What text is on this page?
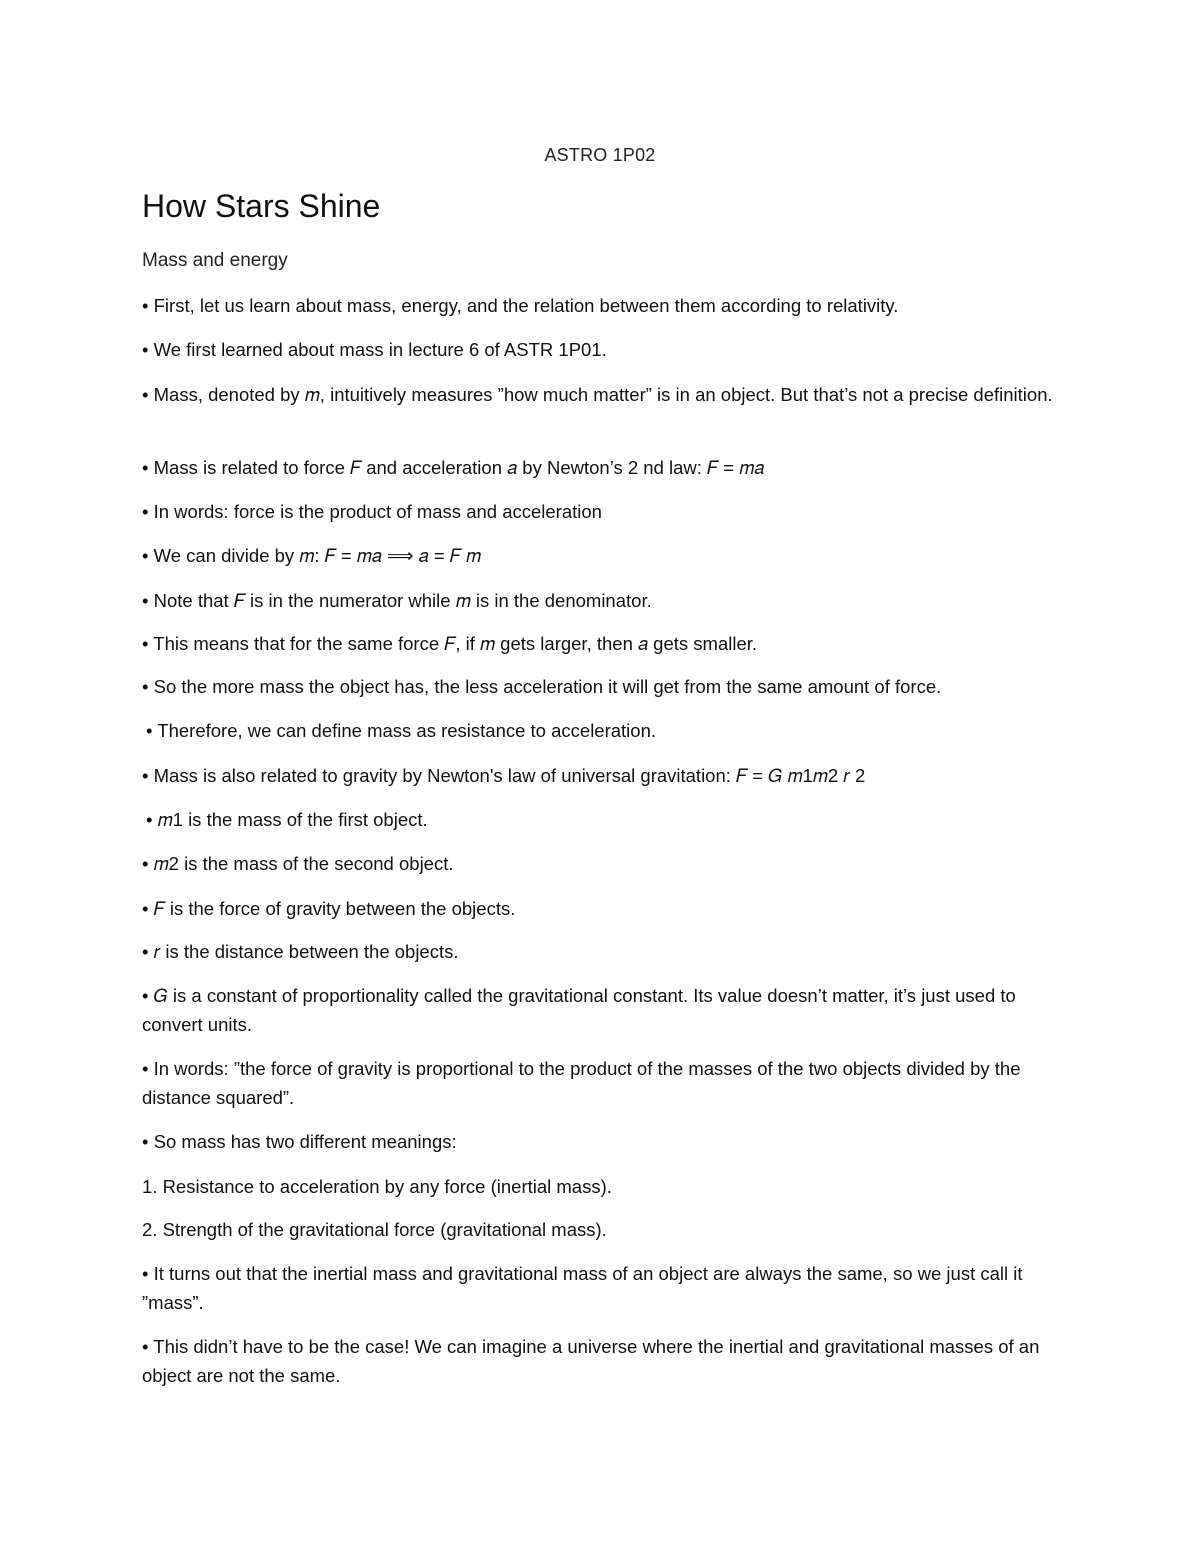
ASTRO 1P02
How Stars Shine
Mass and energy
• First, let us learn about mass, energy, and the relation between them according to relativity.
• We first learned about mass in lecture 6 of ASTR 1P01.
• Mass, denoted by 𝑚, intuitively measures ”how much matter” is in an object. But that’s not a precise definition.
• Mass is related to force 𝐹 and acceleration 𝑎 by Newton’s 2 nd law: 𝐹 = 𝑚𝑎
• In words: force is the product of mass and acceleration
• We can divide by 𝑚: 𝐹 = 𝑚𝑎 ⟹ 𝑎 = 𝐹 𝑚
• Note that 𝐹 is in the numerator while 𝑚 is in the denominator.
• This means that for the same force 𝐹, if 𝑚 gets larger, then 𝑎 gets smaller.
• So the more mass the object has, the less acceleration it will get from the same amount of force.
• Therefore, we can define mass as resistance to acceleration.
• Mass is also related to gravity by Newton's law of universal gravitation: 𝐹 = 𝐺 𝑚1𝑚2 𝑟 2
• 𝑚1 is the mass of the first object.
• 𝑚2 is the mass of the second object.
• 𝐹 is the force of gravity between the objects.
• 𝑟 is the distance between the objects.
• 𝐺 is a constant of proportionality called the gravitational constant. Its value doesn’t matter, it’s just used to convert units.
• In words: ”the force of gravity is proportional to the product of the masses of the two objects divided by the distance squared”.
• So mass has two different meanings:
1. Resistance to acceleration by any force (inertial mass).
2. Strength of the gravitational force (gravitational mass).
• It turns out that the inertial mass and gravitational mass of an object are always the same, so we just call it ”mass”.
• This didn’t have to be the case! We can imagine a universe where the inertial and gravitational masses of an object are not the same.
